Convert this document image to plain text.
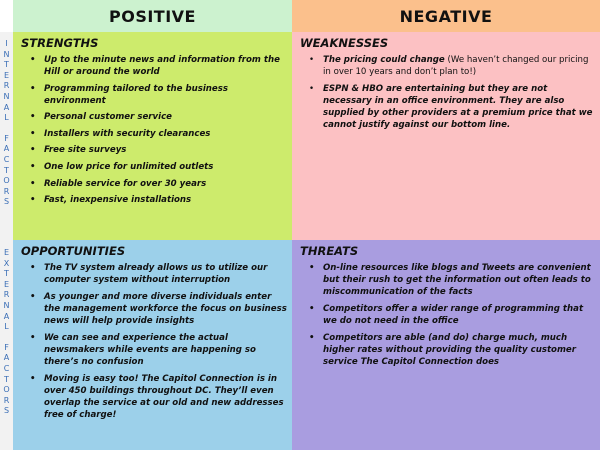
POSITIVE	NEGATIVE
I
N
T
E
R
N
A
L
F
A
C
T
O
R
S
E
X
T
E
R
N
A
L
F
A
C
T
O
R
S
STRENGTHS
• Up to the minute news and information from the Hill or around the world
• Programming tailored to the business environment
• Personal customer service
• Installers with security clearances
• Free site surveys
• One low price for unlimited outlets
• Reliable service for over 30 years
• Fast, inexpensive installations
WEAKNESSES
• The pricing could change (We haven’t changed our pricing in over 10 years and don’t plan to!)
• ESPN & HBO are entertaining but they are not necessary in an office environment. They are also supplied by other providers at a premium price that we cannot justify against our bottom line.
OPPORTUNITIES
• The TV system already allows us to utilize our computer system without interruption
• As younger and more diverse individuals enter the management workforce the focus on business news will help provide insights
• We can see and experience the actual newsmakers while events are happening so there’s no confusion
• Moving is easy too! The Capitol Connection is in over 450 buildings throughout DC. They’ll even overlap the service at our old and new addresses free of charge!
THREATS
• On-line resources like blogs and Tweets are convenient but their rush to get the information out often leads to miscommunication of the facts
• Competitors offer a wider range of programming that we do not need in the office
• Competitors are able (and do) charge much, much higher rates without providing the quality customer service The Capitol Connection does
